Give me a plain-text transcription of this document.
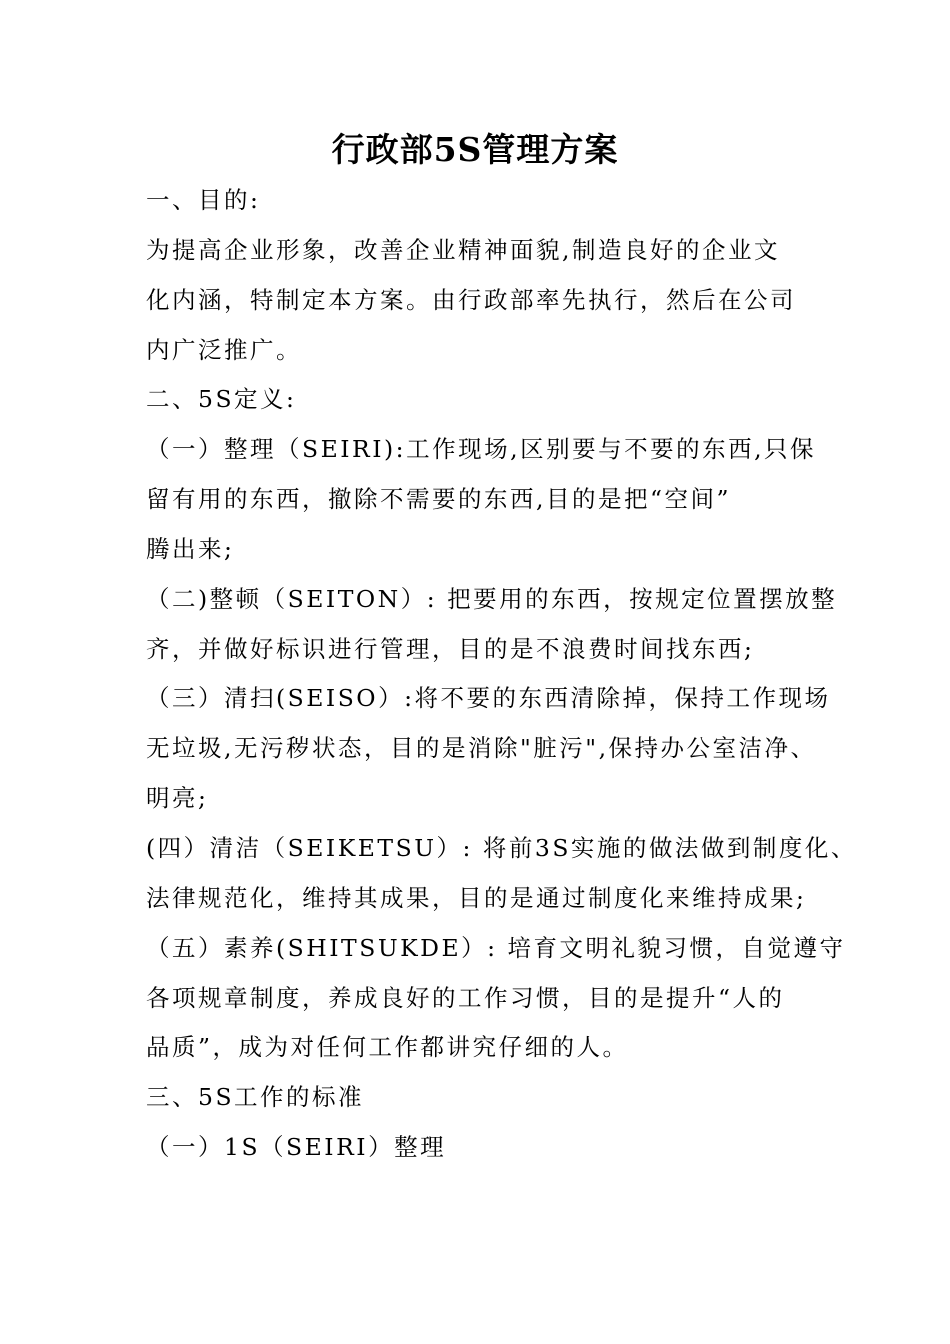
行政部5S管理方案
一、目的:
为提高企业形象，改善企业精神面貌,制造良好的企业文
化内涵，特制定本方案。由行政部率先执行，然后在公司
内广泛推广。
二、5S定义:
（一）整理（SEIRI):工作现场,区别要与不要的东西,只保
留有用的东西，撤除不需要的东西,目的是把“空间”
腾出来;
（二)整顿（SEITON）: 把要用的东西，按规定位置摆放整
齐，并做好标识进行管理，目的是不浪费时间找东西;
（三）清扫(SEISO）:将不要的东西清除掉，保持工作现场
无垃圾,无污秽状态，目的是消除"脏污",保持办公室洁净、
明亮;
(四）清洁（SEIKETSU）: 将前3S实施的做法做到制度化、
法律规范化，维持其成果，目的是通过制度化来维持成果;
（五）素养(SHITSUKDE）: 培育文明礼貌习惯，自觉遵守
各项规章制度，养成良好的工作习惯，目的是提升“人的
品质”，成为对任何工作都讲究仔细的人。
三、5S工作的标准
（一）1S（SEIRI）整理
